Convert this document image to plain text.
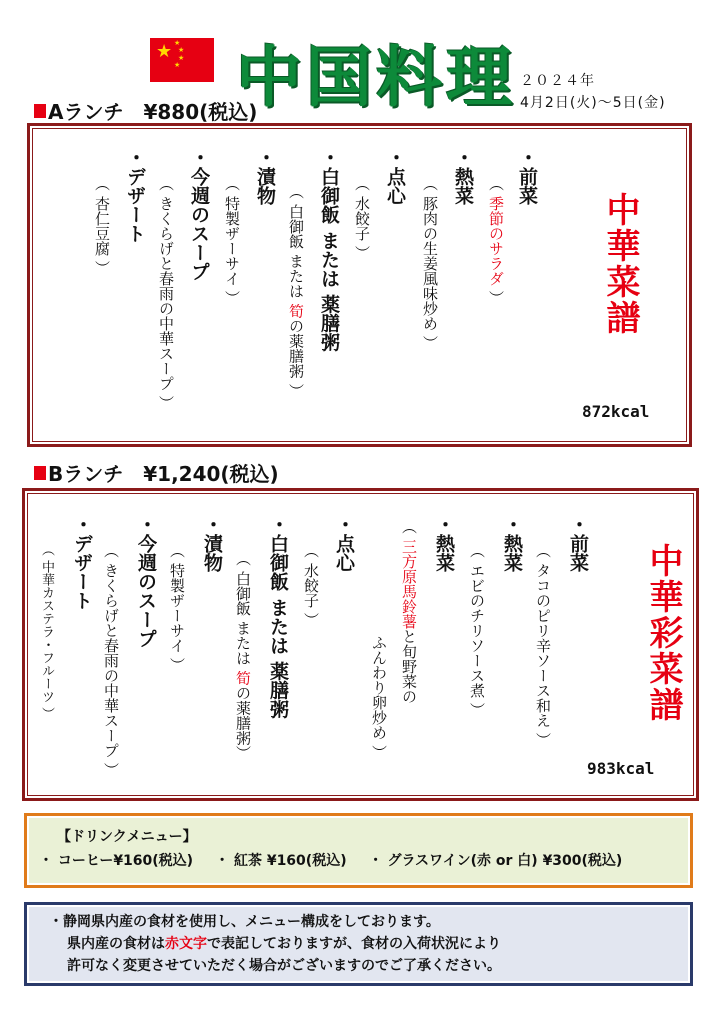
★ ★
★
★
★ 中国料理 ２０２４年
4月2日(火)～5日(金)
Aランチ　¥880(税込)
・前菜
（ 季節のサラダ ）
・熱菜
（ 豚肉の生姜風味炒め ）
・点心
（ 水餃子 ）
・白御飯 または 薬膳粥
（ 白御飯 または 筍の薬膳粥 ）
・漬物
（ 特製ザーサイ ）
・今週のスープ
（ きくらげと春雨の中華スープ ）
・デザート
（ 杏仁豆腐 ）	中華菜譜
872kcal
Bランチ　¥1,240(税込)
・前菜
（ タコのピリ辛ソース和え ）
・熱菜
（ エビのチリソース煮 ）
・熱菜
（ 三方原馬鈴薯と旬野菜の
ふんわり卵炒め ）
・点心
（ 水餃子 ）
・白御飯 または 薬膳粥
（ 白御飯 または 筍の薬膳粥）
・漬物
（ 特製ザーサイ ）
・今週のスープ
（ きくらげと春雨の中華スープ ）
・デザート
（ 中華カステラ・フルーツ ）	中華彩菜譜
983kcal
【ドリンクメニュー】
・ コーヒー¥160(税込) ・ 紅茶 ¥160(税込) ・ グラスワイン(赤 or 白) ¥300(税込)
・静岡県内産の食材を使用し、メニュー構成をしております。
県内産の食材は赤文字で表記しておりますが、食材の入荷状況により
許可なく変更させていただく場合がございますのでご了承ください。
